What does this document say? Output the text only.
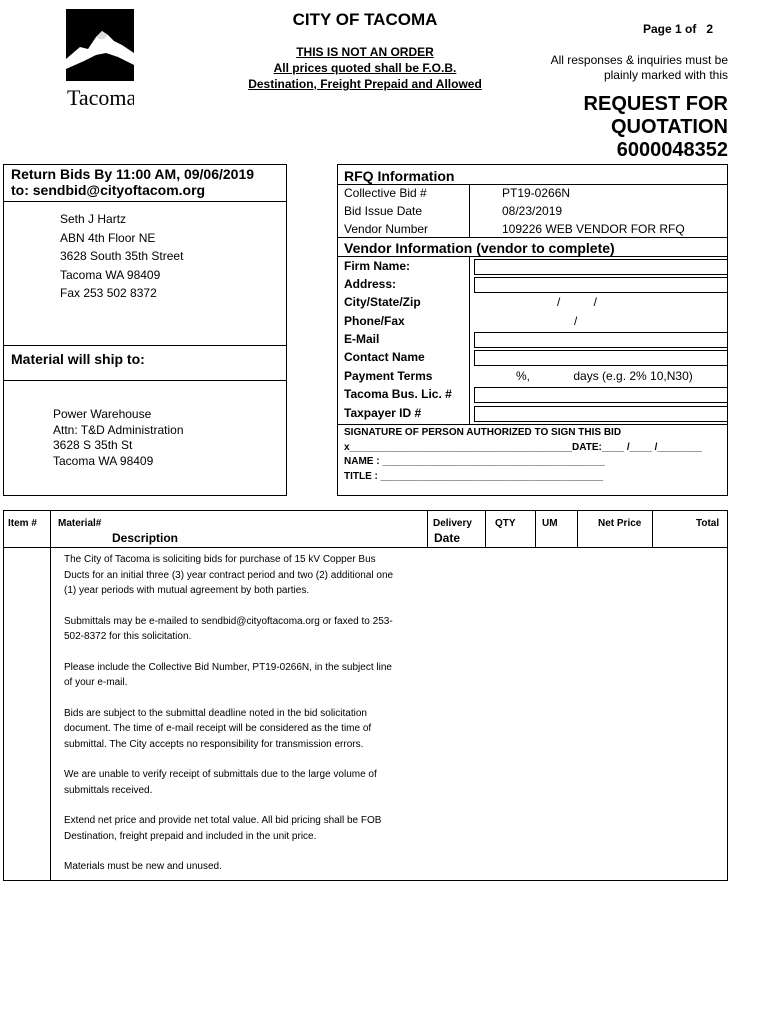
Tacoma
CITY OF TACOMA
THIS IS NOT AN ORDER
All prices quoted shall be F.O.B.
Destination, Freight Prepaid and Allowed
Page 1 of   2
All responses & inquiries must be
plainly marked with this
REQUEST FOR
QUOTATION
6000048352
Return Bids By 11:00 AM, 09/06/2019
to: sendbid@cityoftacom.org
Seth J Hartz
ABN 4th Floor NE
3628 South 35th Street
Tacoma WA 98409
Fax 253 502 8372
Material will ship to:
Power Warehouse
Attn: T&D Administration
3628 S 35th St
Tacoma WA 98409
RFQ Information
Collective Bid #	PT19-0266N
Bid Issue Date	08/23/2019
Vendor Number	109226 WEB VENDOR FOR RFQ
Vendor Information (vendor to complete)
Firm Name:
Address:
City/State/Zip	/          /
Phone/Fax	/
E-Mail
Contact Name
Payment Terms	%,             days (e.g. 2% 10,N30)
Tacoma Bus. Lic. #
Taxpayer ID #
SIGNATURE OF PERSON AUTHORIZED TO SIGN THIS BID
x________________________________________DATE:____ /____ /________
NAME : ________________________________________
TITLE : ________________________________________
Item # Material#
Description
Delivery
Date
QTY	UM	Net Price	Total

The City of Tacoma is soliciting bids for purchase of 15 kV Copper Bus Ducts for an initial three (3) year contract period and two (2) additional one (1) year periods with mutual agreement by both parties.

Submittals may be e-mailed to sendbid@cityoftacoma.org or faxed to 253-502-8372 for this solicitation.

Please include the Collective Bid Number, PT19-0266N, in the subject line of your e-mail.

Bids are subject to the submittal deadline noted in the bid solicitation document. The time of e-mail receipt will be considered as the time of submittal. The City accepts no responsibility for transmission errors.

We are unable to verify receipt of submittals due to the large volume of submittals received.

Extend net price and provide net total value. All bid pricing shall be FOB Destination, freight prepaid and included in the unit price.

Materials must be new and unused.
